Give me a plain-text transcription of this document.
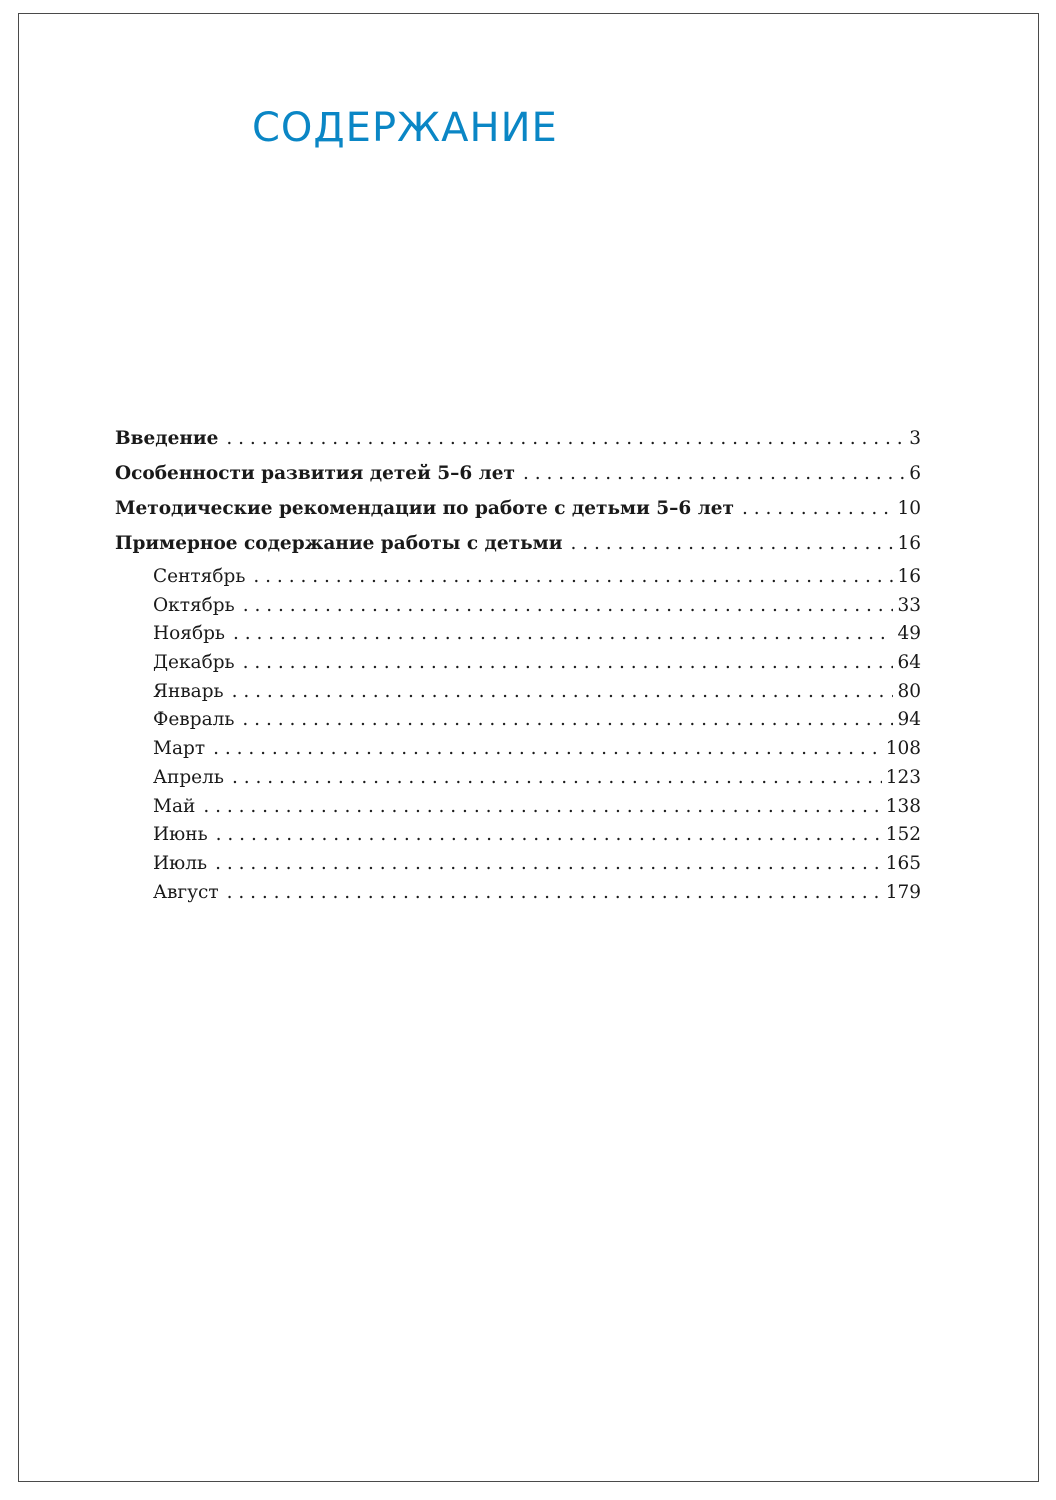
СОДЕРЖАНИЕ
Введение . . .	3
Особенности развития детей 5–6 лет . . .	6
Методические рекомендации по работе с детьми 5–6 лет . . .	10
Примерное содержание работы с детьми . . .	16
Сентябрь . . .	16
Октябрь . . .	33
Ноябрь . . .	49
Декабрь . . .	64
Январь . . .	80
Февраль . . .	94
Март . . .	108
Апрель . . .	123
Май . . .	138
Июнь . . .	152
Июль . . .	165
Август . . .	179
